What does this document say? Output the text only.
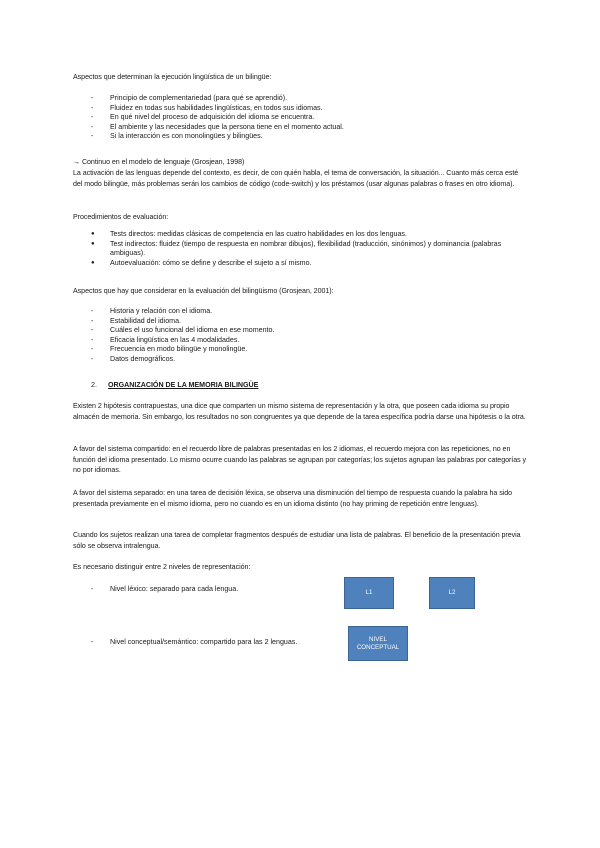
Aspectos que determinan la ejecución lingüística de un bilingüe:
- Principio de complementariedad (para qué se aprendió).
- Fluidez en todas sus habilidades lingüísticas, en todos sus idiomas.
- En qué nivel del proceso de adquisición del idioma se encuentra.
- El ambiente y las necesidades que la persona tiene en el momento actual.
- Si la interacción es con monolingües y bilingües.
→ Continuo en el modelo de lenguaje (Grosjean, 1998)
La activación de las lenguas depende del contexto, es decir, de con quién habla, el tema de conversación, la situación... Cuanto más cerca esté del modo bilingüe, más problemas serán los cambios de código (code-switch) y los préstamos (usar algunas palabras o frases en otro idioma).
Procedimientos de evaluación:
● Tests directos: medidas clásicas de competencia en las cuatro habilidades en los dos lenguas.
● Test indirectos: fluidez (tiempo de respuesta en nombrar dibujos), flexibilidad (traducción, sinónimos) y dominancia (palabras ambiguas).
● Autoevaluación: cómo se define y describe el sujeto a sí mismo.
Aspectos que hay que considerar en la evaluación del bilingüismo (Grosjean, 2001):
- Historia y relación con el idioma.
- Estabilidad del idioma.
- Cuáles el uso funcional del idioma en ese momento.
- Eficacia lingüística en las 4 modalidades.
- Frecuencia en modo bilingüe y monolingüe.
- Datos demográficos.
2. ORGANIZACIÓN DE LA MEMORIA BILINGÜE
Existen 2 hipótesis contrapuestas, una dice que comparten un mismo sistema de representación y la otra, que poseen cada idioma su propio almacén de memoria. Sin embargo, los resultados no son congruentes ya que depende de la tarea específica podría darse una hipótesis o la otra.
A favor del sistema compartido: en el recuerdo libre de palabras presentadas en los 2 idiomas, el recuerdo mejora con las repeticiones, no en función del idioma presentado. Lo mismo ocurre cuando las palabras se agrupan por categorías; los sujetos agrupan las palabras por categorías y no por idiomas.
A favor del sistema separado: en una tarea de decisión léxica, se observa una disminución del tiempo de respuesta cuando la palabra ha sido presentada previamente en el mismo idioma, pero no cuando es en un idioma distinto (no hay priming de repetición entre lenguas).
Cuando los sujetos realizan una tarea de completar fragmentos después de estudiar una lista de palabras. El beneficio de la presentación previa sólo se observa intralengua.
Es necesario distinguir entre 2 niveles de representación:
- Nivel léxico: separado para cada lengua.
- Nivel conceptual/semántico: compartido para las 2 lenguas.
L1	L2
NIVEL CONCEPTUAL
